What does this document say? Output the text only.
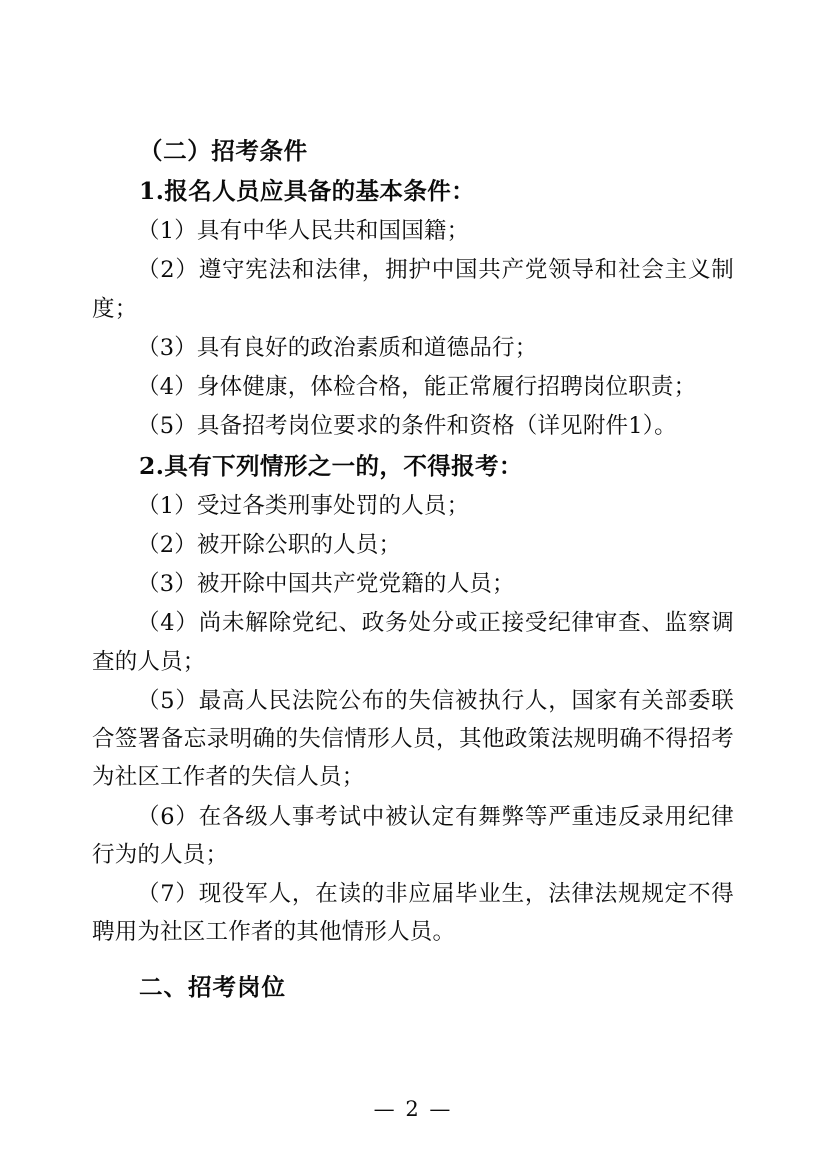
（二）招考条件
1.报名人员应具备的基本条件：
（1）具有中华人民共和国国籍；
（2）遵守宪法和法律，拥护中国共产党领导和社会主义制度；
（3）具有良好的政治素质和道德品行；
（4）身体健康，体检合格，能正常履行招聘岗位职责；
（5）具备招考岗位要求的条件和资格（详见附件1）。
2.具有下列情形之一的，不得报考：
（1）受过各类刑事处罚的人员；
（2）被开除公职的人员；
（3）被开除中国共产党党籍的人员；
（4）尚未解除党纪、政务处分或正接受纪律审查、监察调查的人员；
（5）最高人民法院公布的失信被执行人，国家有关部委联合签署备忘录明确的失信情形人员，其他政策法规明确不得招考为社区工作者的失信人员；
（6）在各级人事考试中被认定有舞弊等严重违反录用纪律行为的人员；
（7）现役军人，在读的非应届毕业生，法律法规规定不得聘用为社区工作者的其他情形人员。
二、招考岗位
— 2 —
